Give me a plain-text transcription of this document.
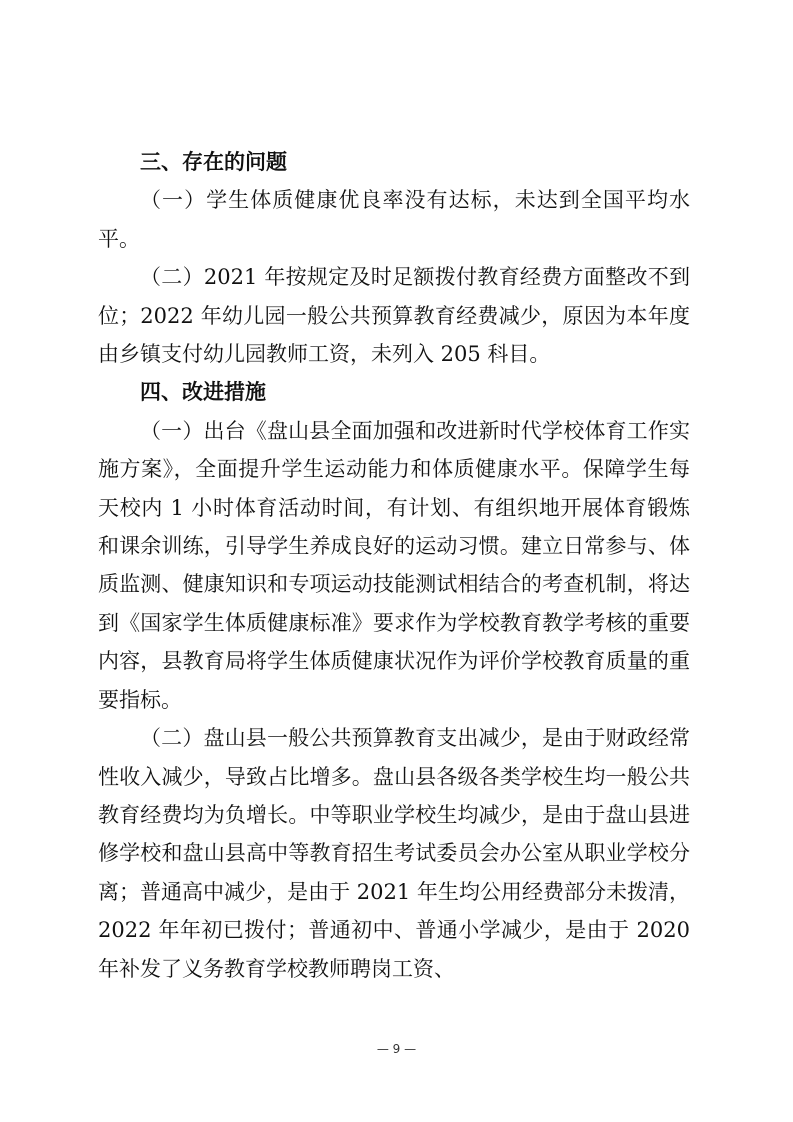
三、存在的问题

（一）学生体质健康优良率没有达标，未达到全国平均水平。

（二）2021 年按规定及时足额拨付教育经费方面整改不到位；2022 年幼儿园一般公共预算教育经费减少，原因为本年度由乡镇支付幼儿园教师工资，未列入 205 科目。

四、改进措施

（一）出台《盘山县全面加强和改进新时代学校体育工作实施方案》，全面提升学生运动能力和体质健康水平。保障学生每天校内 1 小时体育活动时间，有计划、有组织地开展体育锻炼和课余训练，引导学生养成良好的运动习惯。建立日常参与、体质监测、健康知识和专项运动技能测试相结合的考查机制，将达到《国家学生体质健康标准》要求作为学校教育教学考核的重要内容，县教育局将学生体质健康状况作为评价学校教育质量的重要指标。

（二）盘山县一般公共预算教育支出减少，是由于财政经常性收入减少，导致占比增多。盘山县各级各类学校生均一般公共教育经费均为负增长。中等职业学校生均减少，是由于盘山县进修学校和盘山县高中等教育招生考试委员会办公室从职业学校分离；普通高中减少，是由于 2021 年生均公用经费部分未拨清，2022 年年初已拨付；普通初中、普通小学减少，是由于 2020 年补发了义务教育学校教师聘岗工资、

— 9 —
